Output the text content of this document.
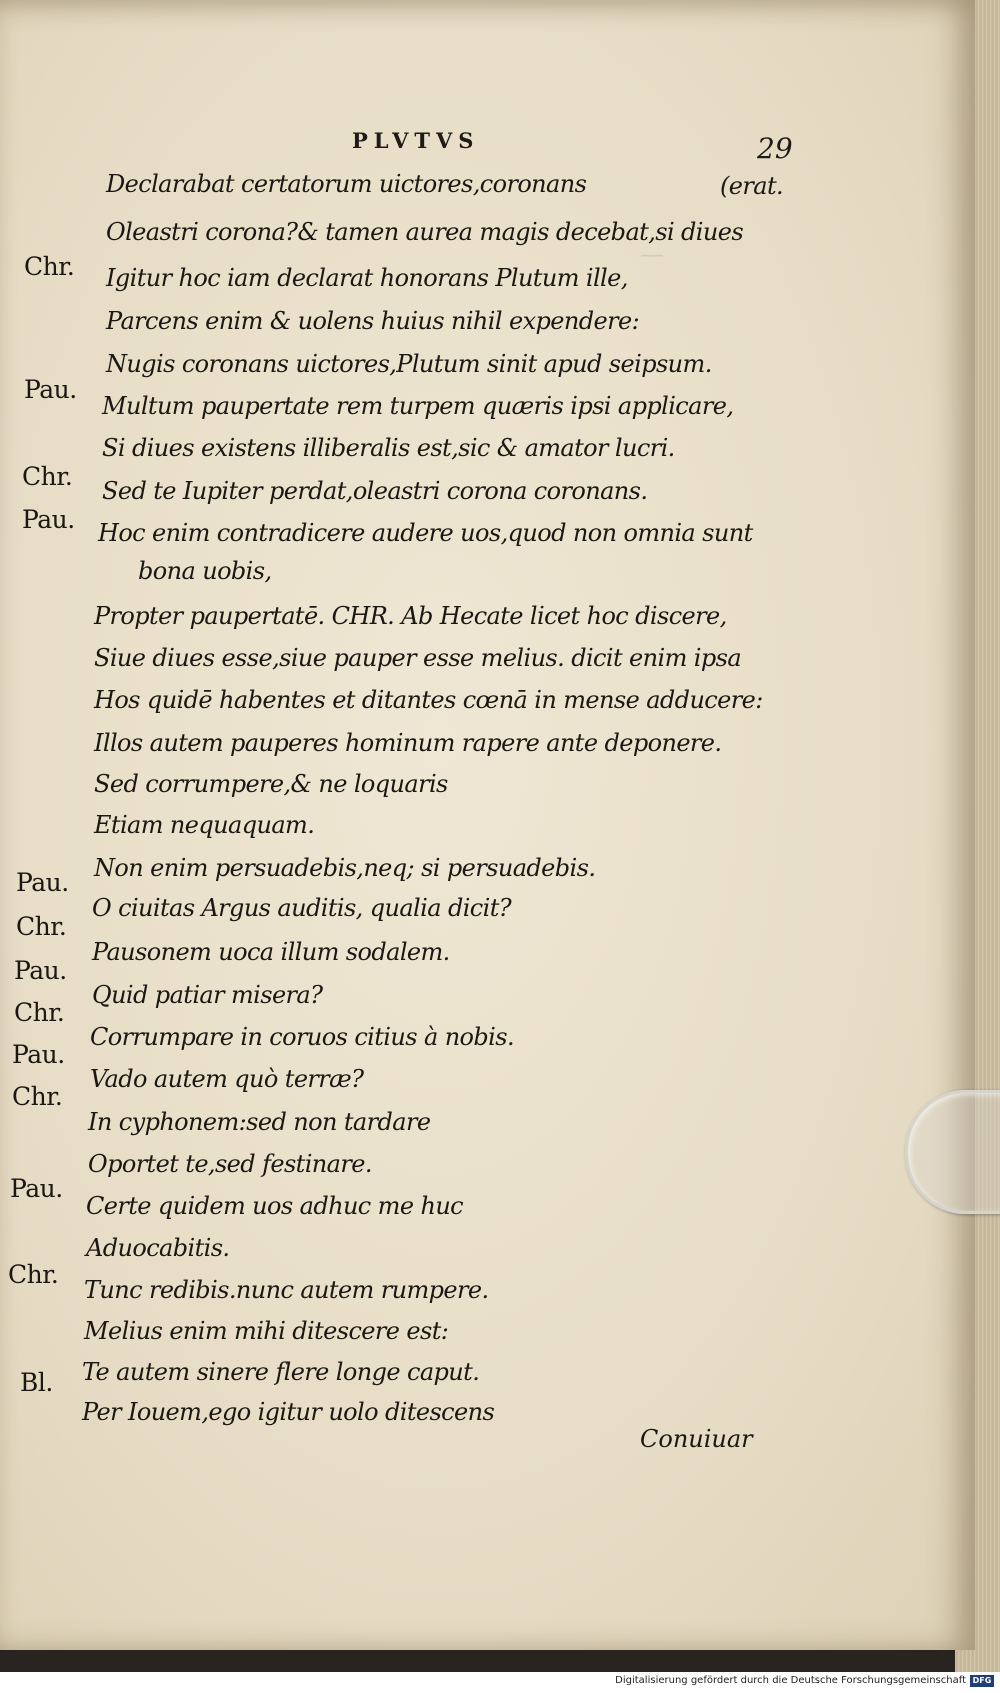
—
PLVTVS	29
Declarabat certatorum uictores,coronans	(erat.
Oleastri corona?& tamen aurea magis decebat,si diues
Chr. Igitur hoc iam declarat honorans Plutum ille,
Parcens enim & uolens huius nihil expendere:
Nugis coronans uictores,Plutum sinit apud seipsum.
Pau.
Multum paupertate rem turpem quæris ipsi applicare,
Si diues existens illiberalis est,sic & amator lucri.
Chr. Sed te Iupiter perdat,oleastri corona coronans.
Pau. Hoc enim contradicere audere uos,quod non omnia sunt
bona uobis,
Propter paupertatē. CHR. Ab Hecate licet hoc discere,
Siue diues esse,siue pauper esse melius. dicit enim ipsa
Hos quidē habentes et ditantes cœnā in mense adducere:
Illos autem pauperes hominum rapere ante deponere.
Sed corrumpere,& ne loquaris
Etiam nequaquam.
Non enim persuadebis,neq; si persuadebis.
Pau.
O ciuitas Argus auditis, qualia dicit?
Chr.
Pausonem uoca illum sodalem.
Pau.
Quid patiar misera?
Chr.
Corrumpare in coruos citius à nobis.
Pau.
Vado autem quò terræ?
Chr.
In cyphonem:sed non tardare
Oportet te,sed festinare.
Pau.
Certe quidem uos adhuc me huc
Aduocabitis.
Chr.
Tunc redibis.nunc autem rumpere.
Melius enim mihi ditescere est:
Bl. Te autem sinere flere longe caput.
Per Iouem,ego igitur uolo ditescens
Conuiuar
Digitalisierung gefördert durch die Deutsche Forschungsgemeinschaft DFG
